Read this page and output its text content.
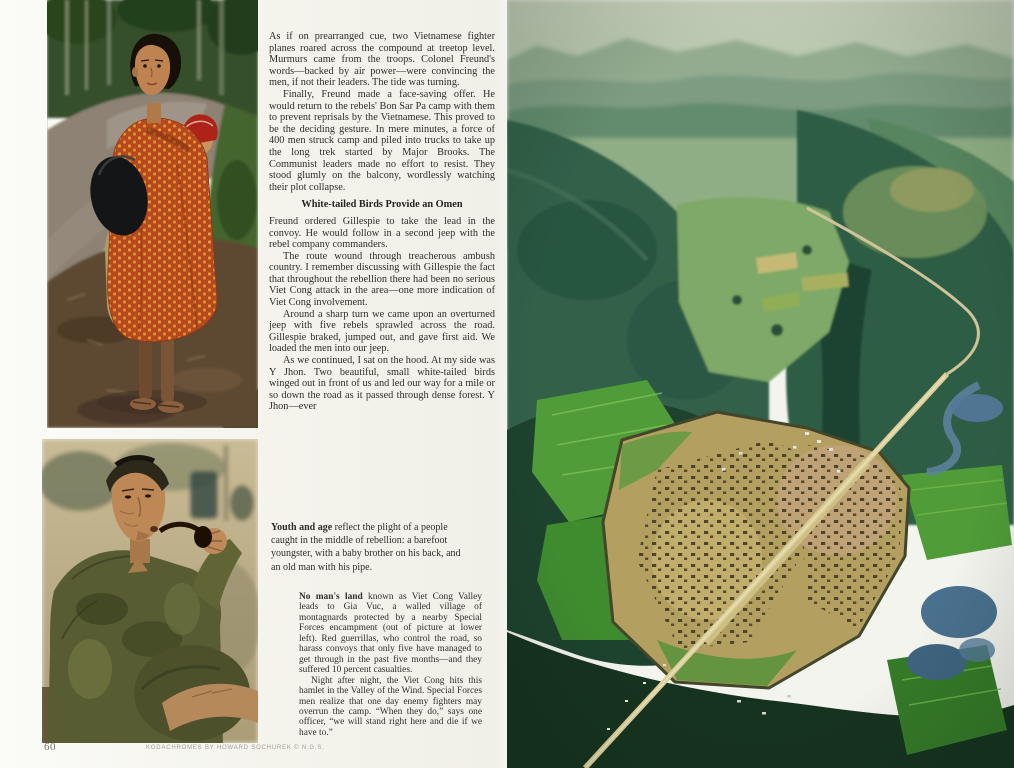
60	KODACHROMES BY HOWARD SOCHUREK © N.G.S.

As if on prearranged cue, two Vietnamese fighter planes roared across the compound at treetop level. Murmurs came from the troops. Colonel Freund's words—backed by air power—were convincing the men, if not their leaders. The tide was turning.

Finally, Freund made a face-saving offer. He would return to the rebels' Bon Sar Pa camp with them to prevent reprisals by the Vietnamese. This proved to be the deciding gesture. In mere minutes, a force of 400 men struck camp and piled into trucks to take up the long trek started by Major Brooks. The Communist leaders made no effort to resist. They stood glumly on the balcony, wordlessly watching their plot collapse.

White-tailed Birds Provide an Omen

Freund ordered Gillespie to take the lead in the convoy. He would follow in a second jeep with the rebel company commanders.

The route wound through treacherous ambush country. I remember discussing with Gillespie the fact that throughout the rebellion there had been no serious Viet Cong attack in the area—one more indication of Viet Cong involvement.

Around a sharp turn we came upon an overturned jeep with five rebels sprawled across the road. Gillespie braked, jumped out, and gave first aid. We loaded the men into our jeep.

As we continued, I sat on the hood. At my side was Y Jhon. Two beautiful, small white-tailed birds winged out in front of us and led our way for a mile or so down the road as it passed through dense forest. Y Jhon—ever

Youth and age reflect the plight of a people caught in the middle of rebellion: a barefoot youngster, with a baby brother on his back, and an old man with his pipe.

No man's land known as Viet Cong Valley leads to Gia Vuc, a walled village of montagnards protected by a nearby Special Forces encampment (out of picture at lower left). Red guerrillas, who control the road, so harass convoys that only five have managed to get through in the past five months—and they suffered 10 percent casualties.

Night after night, the Viet Cong hits this hamlet in the Valley of the Wind. Special Forces men realize that one day enemy fighters may overrun the camp. “When they do,” says one officer, “we will stand right here and die if we have to.”
